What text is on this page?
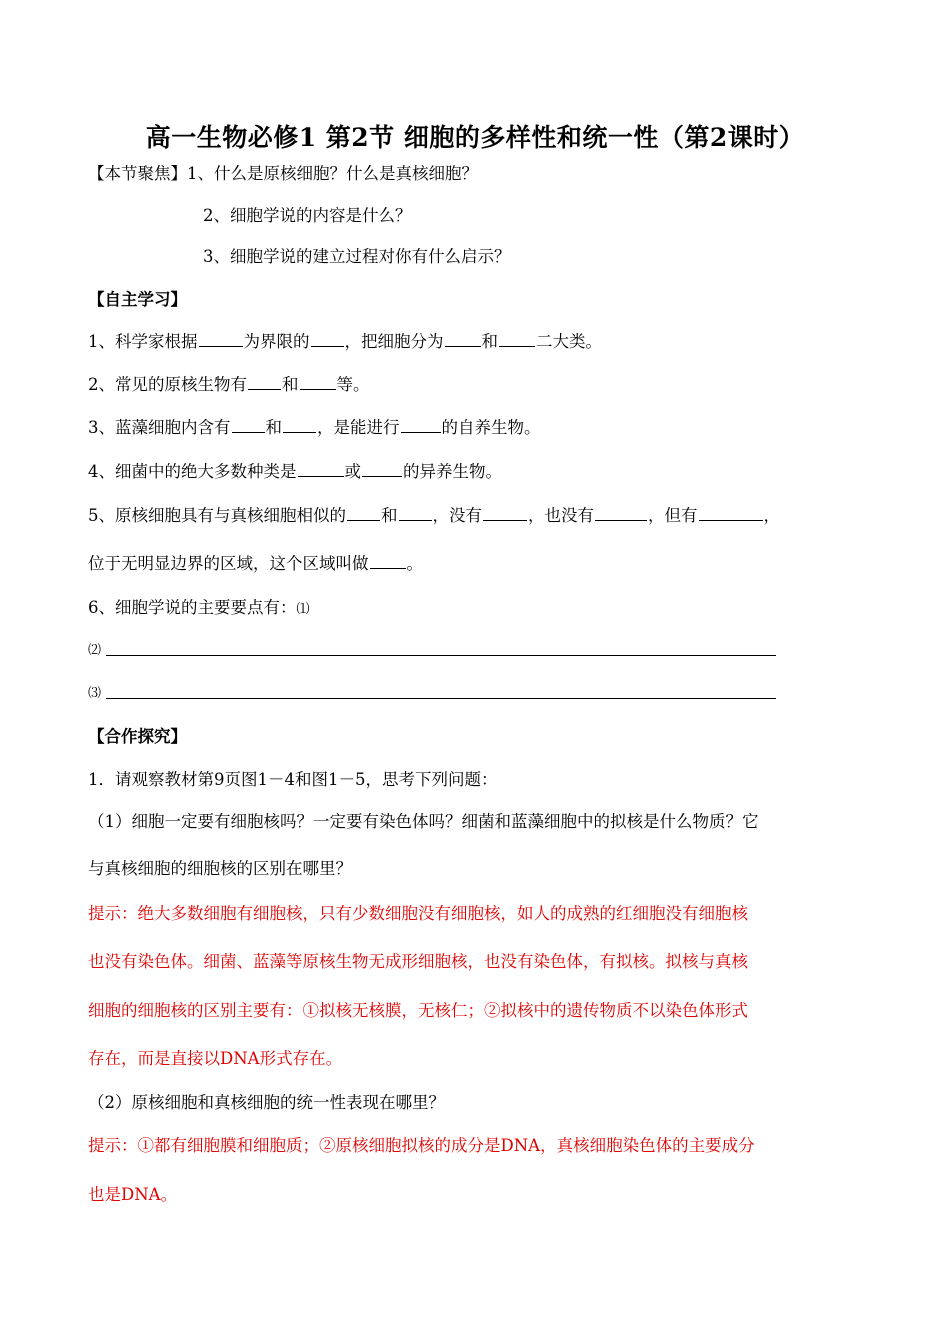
高一生物必修1 第2节 细胞的多样性和统一性（第2课时）
【本节聚焦】1、什么是原核细胞？什么是真核细胞？
2、细胞学说的内容是什么？
3、细胞学说的建立过程对你有什么启示？
【自主学习】
1、科学家根据	为界限的 ，把细胞分为 和 二大类。
2、常见的原核生物有 和 等。
3、蓝藻细胞内含有 和 ，是能进行	的自养生物。
4、细菌中的绝大多数种类是	或	的异养生物。
5、原核细胞具有与真核细胞相似的 和 ，没有	，也没有	，但有	，
位于无明显边界的区域，这个区域叫做 。
6、细胞学说的主要要点有：⑴
⑵
⑶
【合作探究】
1．请观察教材第9页图1－4和图1－5，思考下列问题：
（1）细胞一定要有细胞核吗？一定要有染色体吗？细菌和蓝藻细胞中的拟核是什么物质？它
与真核细胞的细胞核的区别在哪里？
提示：绝大多数细胞有细胞核，只有少数细胞没有细胞核，如人的成熟的红细胞没有细胞核
也没有染色体。细菌、蓝藻等原核生物无成形细胞核，也没有染色体，有拟核。拟核与真核
细胞的细胞核的区别主要有：①拟核无核膜，无核仁；②拟核中的遗传物质不以染色体形式
存在，而是直接以DNA形式存在。
（2）原核细胞和真核细胞的统一性表现在哪里？
提示：①都有细胞膜和细胞质；②原核细胞拟核的成分是DNA，真核细胞染色体的主要成分
也是DNA。
